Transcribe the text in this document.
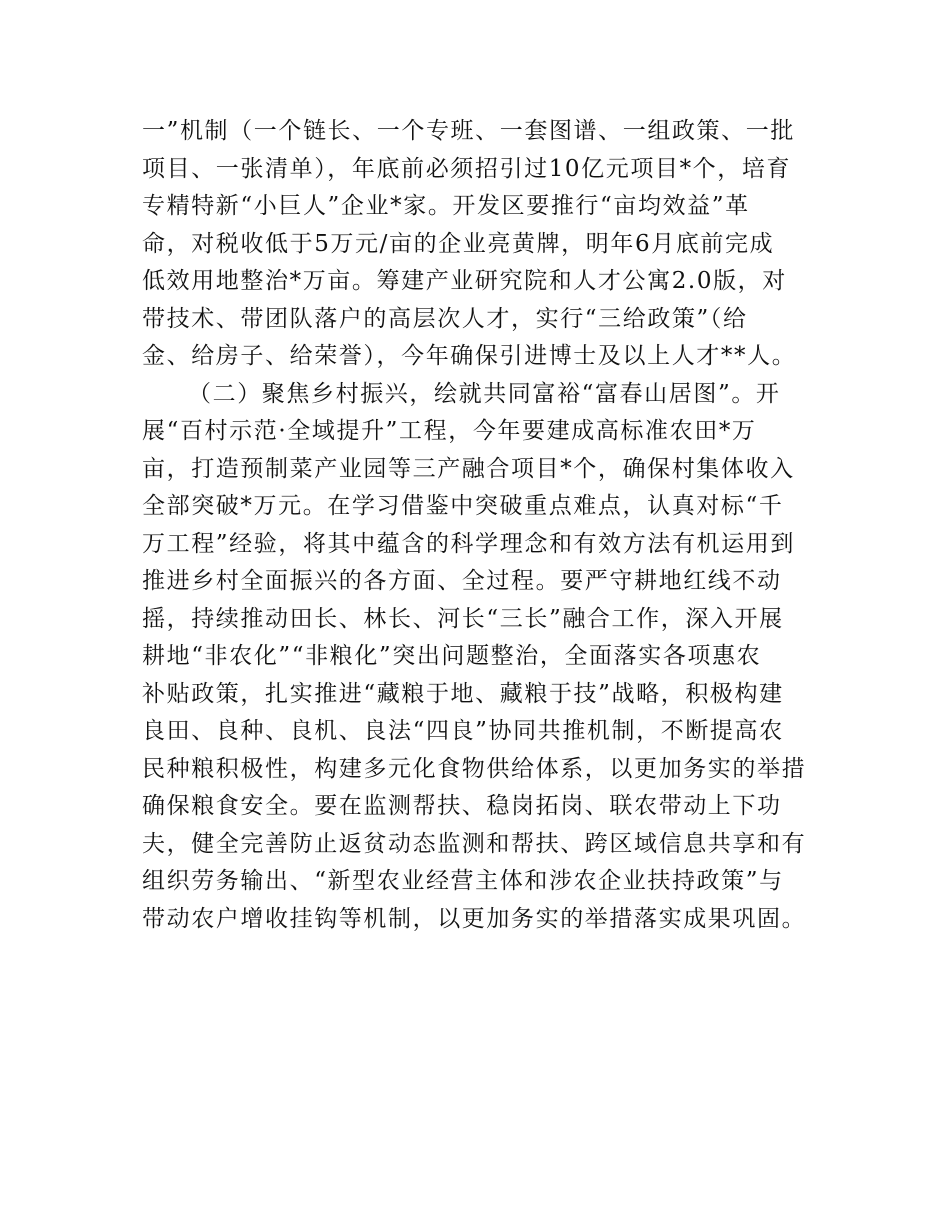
一”机制（一个链长、一个专班、一套图谱、一组政策、一批
项目、一张清单），年底前必须招引过10亿元项目*个，培育
专精特新“小巨人”企业*家。开发区要推行“亩均效益”革
命，对税收低于5万元/亩的企业亮黄牌，明年6月底前完成
低效用地整治*万亩。筹建产业研究院和人才公寓2.0版，对
带技术、带团队落户的高层次人才，实行“三给政策”（给
金、给房子、给荣誉），今年确保引进博士及以上人才**人。
（二）聚焦乡村振兴，绘就共同富裕“富春山居图”。开
展“百村示范·全域提升”工程，今年要建成高标准农田*万
亩，打造预制菜产业园等三产融合项目*个，确保村集体收入
全部突破*万元。在学习借鉴中突破重点难点，认真对标“千
万工程”经验，将其中蕴含的科学理念和有效方法有机运用到
推进乡村全面振兴的各方面、全过程。要严守耕地红线不动
摇，持续推动田长、林长、河长“三长”融合工作，深入开展
耕地“非农化”“非粮化”突出问题整治，全面落实各项惠农
补贴政策，扎实推进“藏粮于地、藏粮于技”战略，积极构建
良田、良种、良机、良法“四良”协同共推机制，不断提高农
民种粮积极性，构建多元化食物供给体系，以更加务实的举措
确保粮食安全。要在监测帮扶、稳岗拓岗、联农带动上下功
夫，健全完善防止返贫动态监测和帮扶、跨区域信息共享和有
组织劳务输出、“新型农业经营主体和涉农企业扶持政策”与
带动农户增收挂钩等机制，以更加务实的举措落实成果巩固。
